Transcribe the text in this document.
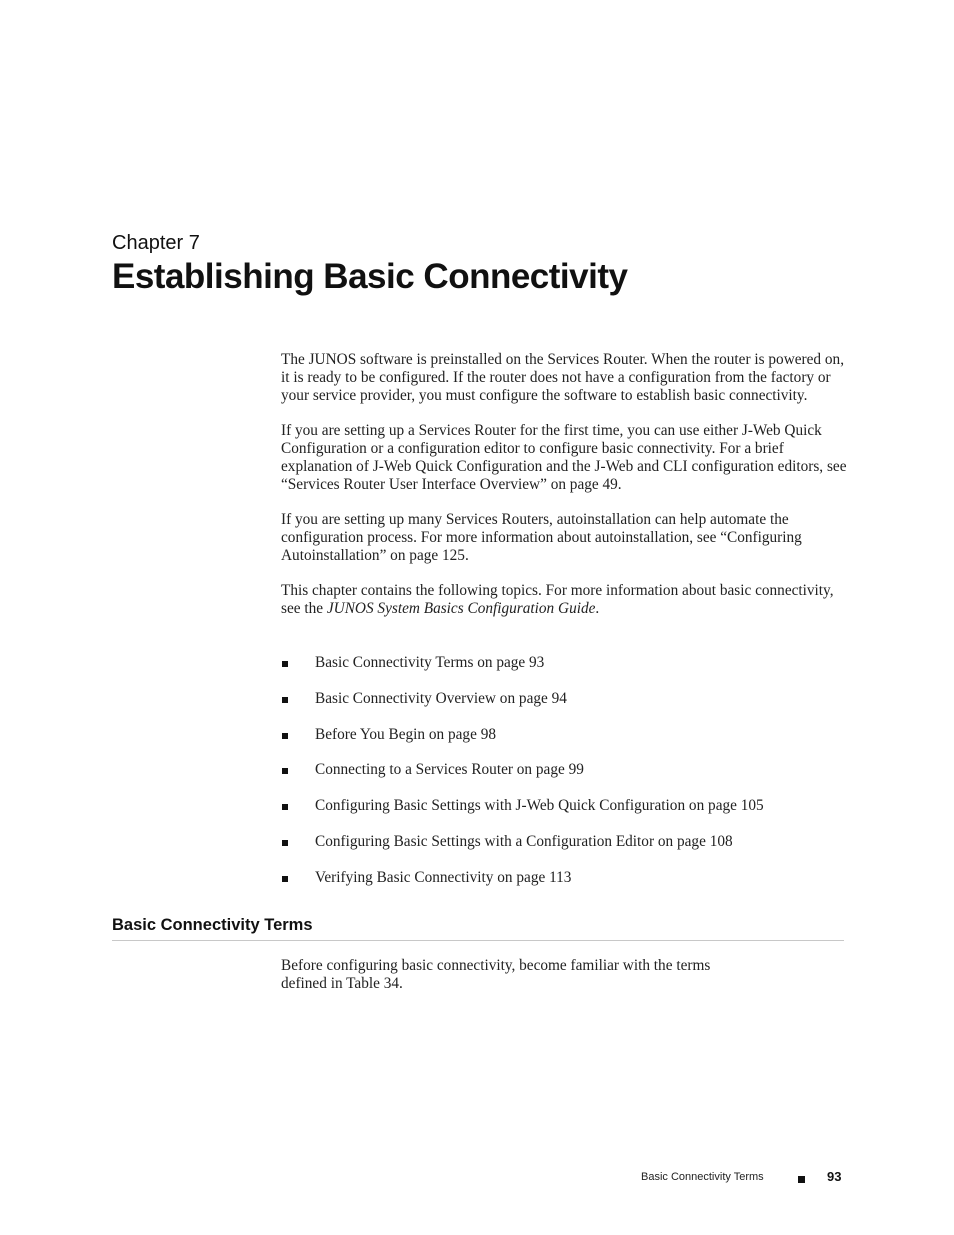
Chapter 7
Establishing Basic Connectivity

The JUNOS software is preinstalled on the Services Router. When the router is powered on, it is ready to be configured. If the router does not have a configuration from the factory or your service provider, you must configure the software to establish basic connectivity.

If you are setting up a Services Router for the first time, you can use either J-Web Quick Configuration or a configuration editor to configure basic connectivity. For a brief explanation of J-Web Quick Configuration and the J-Web and CLI configuration editors, see “Services Router User Interface Overview” on page 49.

If you are setting up many Services Routers, autoinstallation can help automate the configuration process. For more information about autoinstallation, see “Configuring Autoinstallation” on page 125.

This chapter contains the following topics. For more information about basic connectivity, see the JUNOS System Basics Configuration Guide.

Basic Connectivity Terms on page 93
Basic Connectivity Overview on page 94
Before You Begin on page 98
Connecting to a Services Router on page 99
Configuring Basic Settings with J-Web Quick Configuration on page 105
Configuring Basic Settings with a Configuration Editor on page 108
Verifying Basic Connectivity on page 113
Basic Connectivity Terms

Before configuring basic connectivity, become familiar with the terms defined in Table 34.

Basic Connectivity Terms	93
